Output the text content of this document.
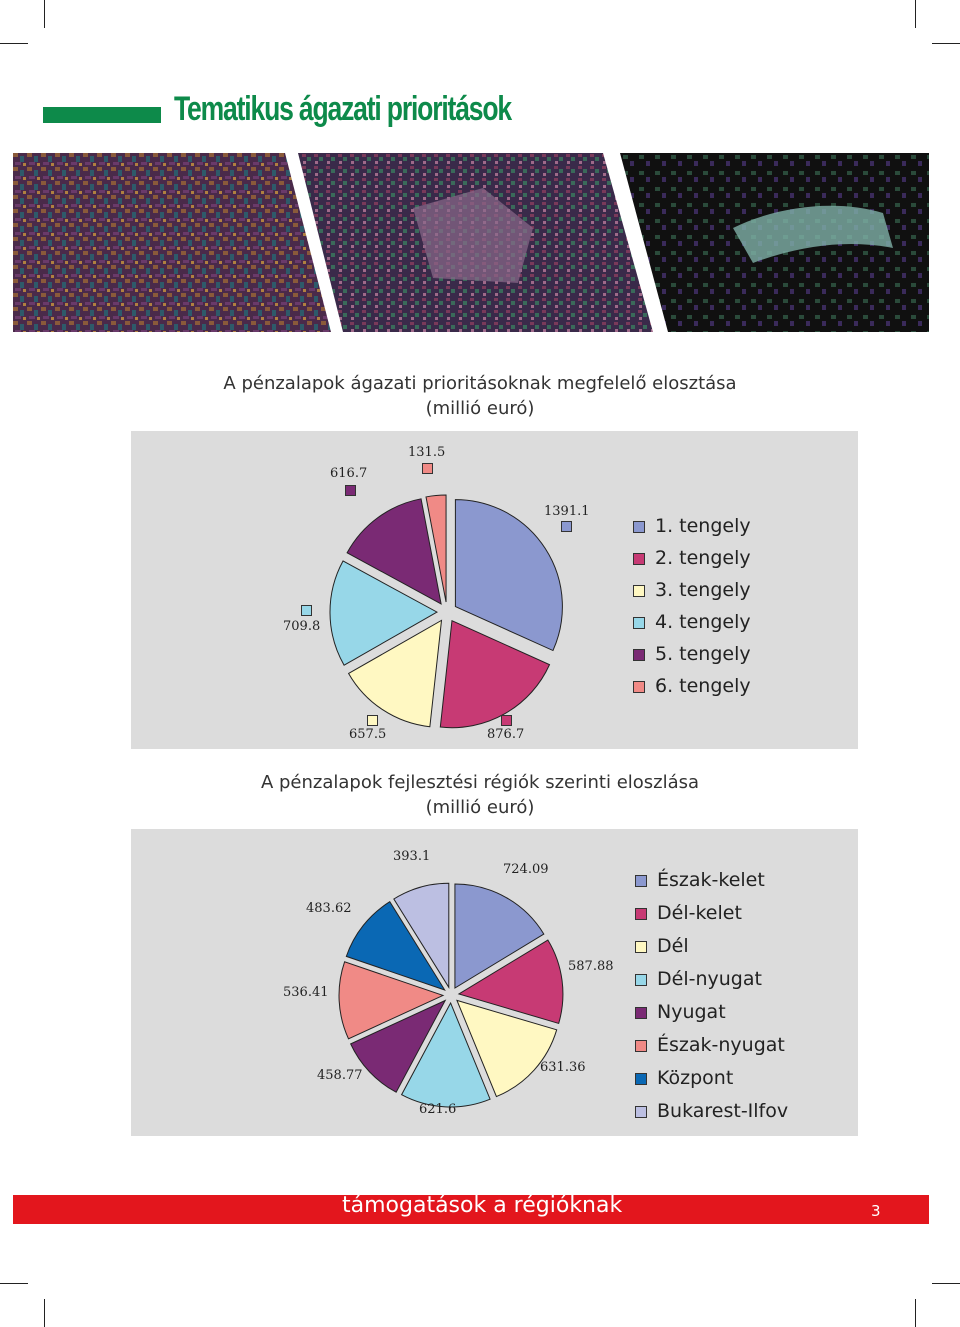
Tematikus ágazati prioritások
A pénzalapok ágazati prioritásoknak megfelelő elosztása
(millió euró)
1. tengely
2. tengely
3. tengely
4. tengely
5. tengely
6. tengely
1391.1
876.7
657.5
709.8
616.7
131.5
A pénzalapok fejlesztési régiók szerinti eloszlása
(millió euró)
Észak-kelet
Dél-kelet
Dél
Dél-nyugat
Nyugat
Észak-nyugat
Központ
Bukarest-Ilfov
724.09
587.88
631.36
621.6
458.77
536.41
483.62
393.1
támogatások a régióknak	3
